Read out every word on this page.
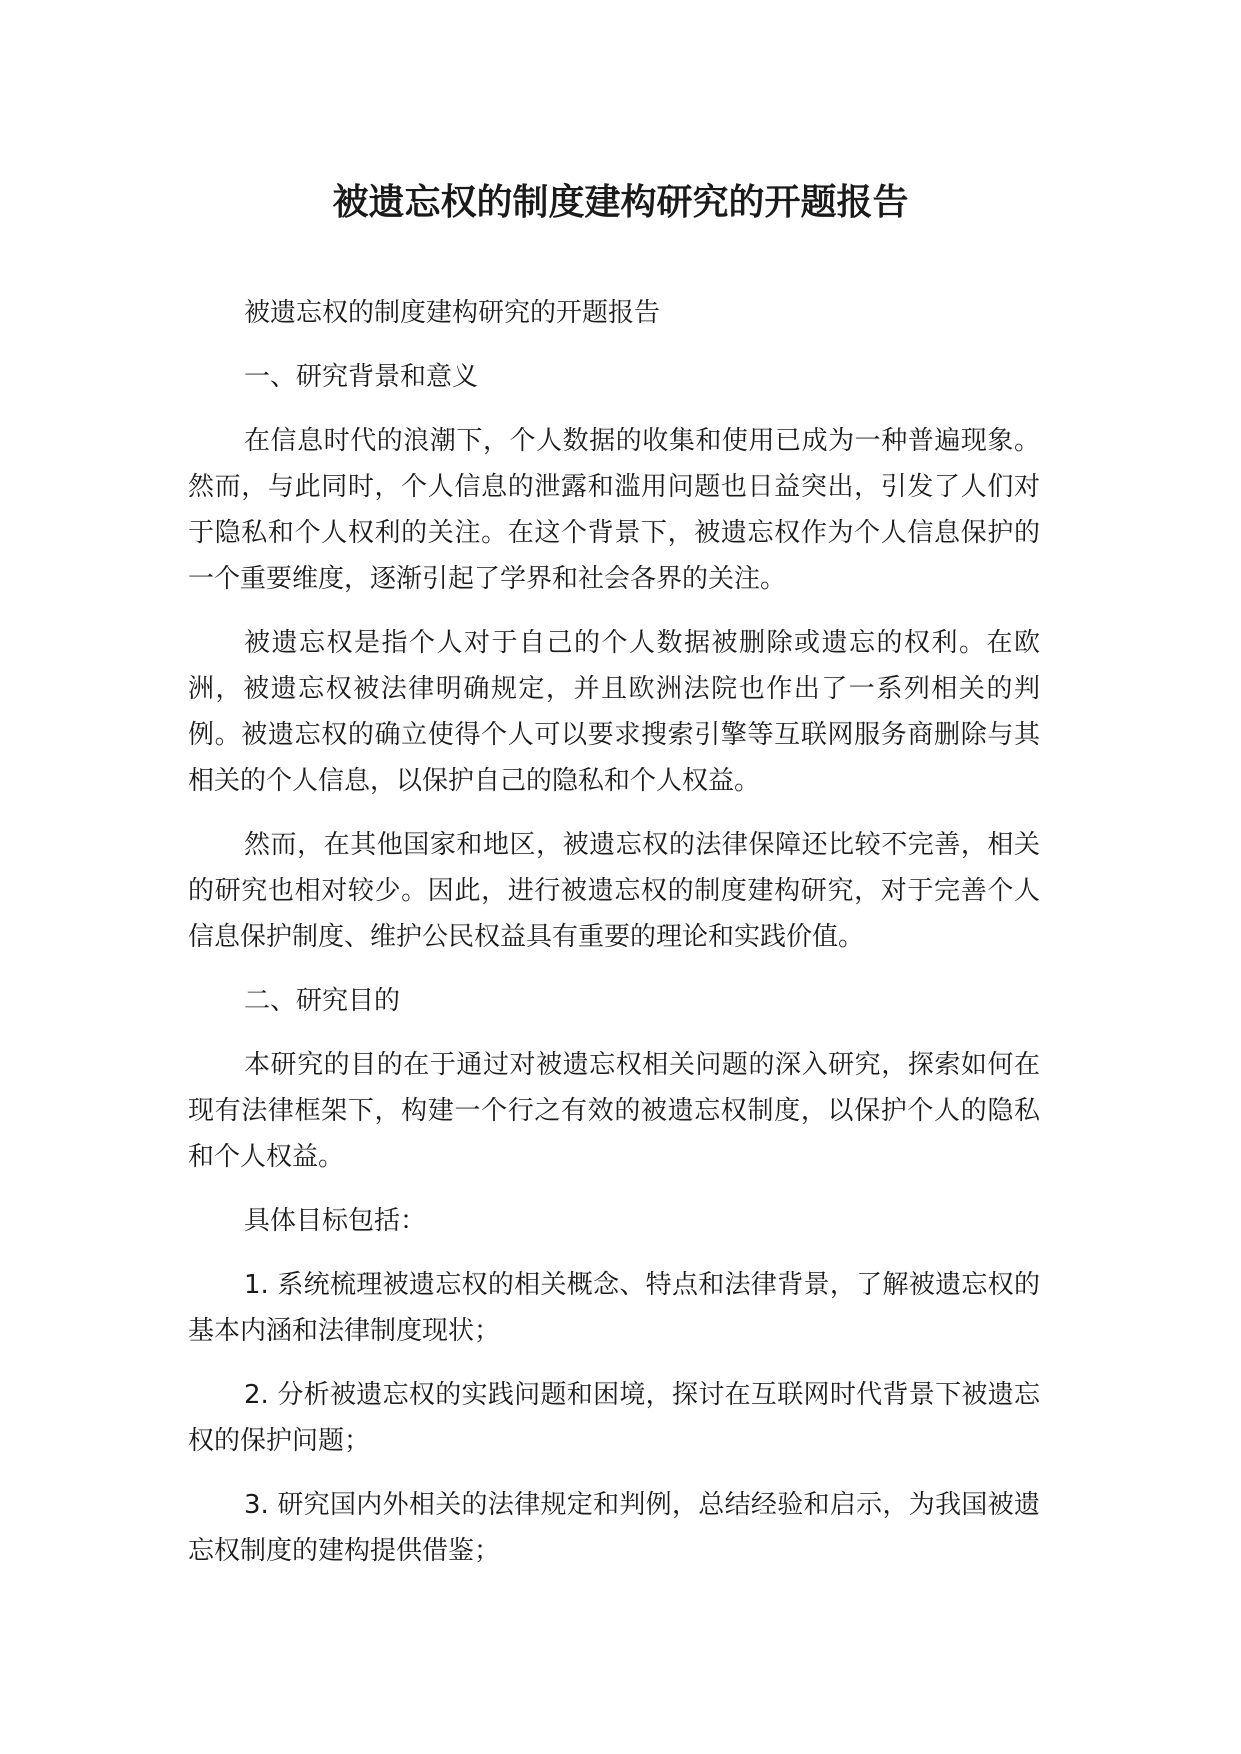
被遗忘权的制度建构研究的开题报告

被遗忘权的制度建构研究的开题报告

一、研究背景和意义

在信息时代的浪潮下，个人数据的收集和使用已成为一种普遍现象。然而，与此同时，个人信息的泄露和滥用问题也日益突出，引发了人们对于隐私和个人权利的关注。在这个背景下，被遗忘权作为个人信息保护的一个重要维度，逐渐引起了学界和社会各界的关注。

被遗忘权是指个人对于自己的个人数据被删除或遗忘的权利。在欧洲，被遗忘权被法律明确规定，并且欧洲法院也作出了一系列相关的判例。被遗忘权的确立使得个人可以要求搜索引擎等互联网服务商删除与其相关的个人信息，以保护自己的隐私和个人权益。

然而，在其他国家和地区，被遗忘权的法律保障还比较不完善，相关的研究也相对较少。因此，进行被遗忘权的制度建构研究，对于完善个人信息保护制度、维护公民权益具有重要的理论和实践价值。

二、研究目的

本研究的目的在于通过对被遗忘权相关问题的深入研究，探索如何在现有法律框架下，构建一个行之有效的被遗忘权制度，以保护个人的隐私和个人权益。

具体目标包括：

1. 系统梳理被遗忘权的相关概念、特点和法律背景，了解被遗忘权的基本内涵和法律制度现状；

2. 分析被遗忘权的实践问题和困境，探讨在互联网时代背景下被遗忘权的保护问题；

3. 研究国内外相关的法律规定和判例，总结经验和启示，为我国被遗忘权制度的建构提供借鉴；
